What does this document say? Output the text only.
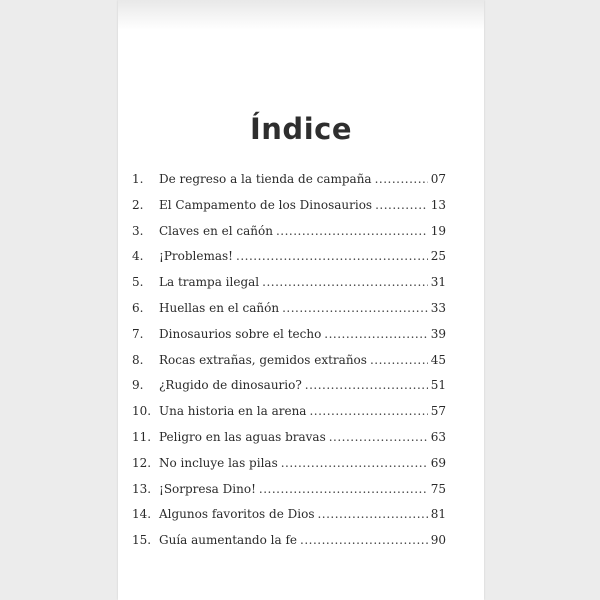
Índice
1.	De regreso a la tienda de campaña .....	07
2.	El Campamento de los Dinosaurios .....	13
3.	Claves en el cañón .....	19
4.	¡Problemas! .....	25
5.	La trampa ilegal .....	31
6.	Huellas en el cañón .....	33
7.	Dinosaurios sobre el techo .....	39
8.	Rocas extrañas, gemidos extraños .....	45
9.	¿Rugido de dinosaurio? .....	51
10. Una historia en la arena .....	57
11. Peligro en las aguas bravas .....	63
12. No incluye las pilas .....	69
13. ¡Sorpresa Dino! .....	75
14. Algunos favoritos de Dios .....	81
15. Guía aumentando la fe .....	90
